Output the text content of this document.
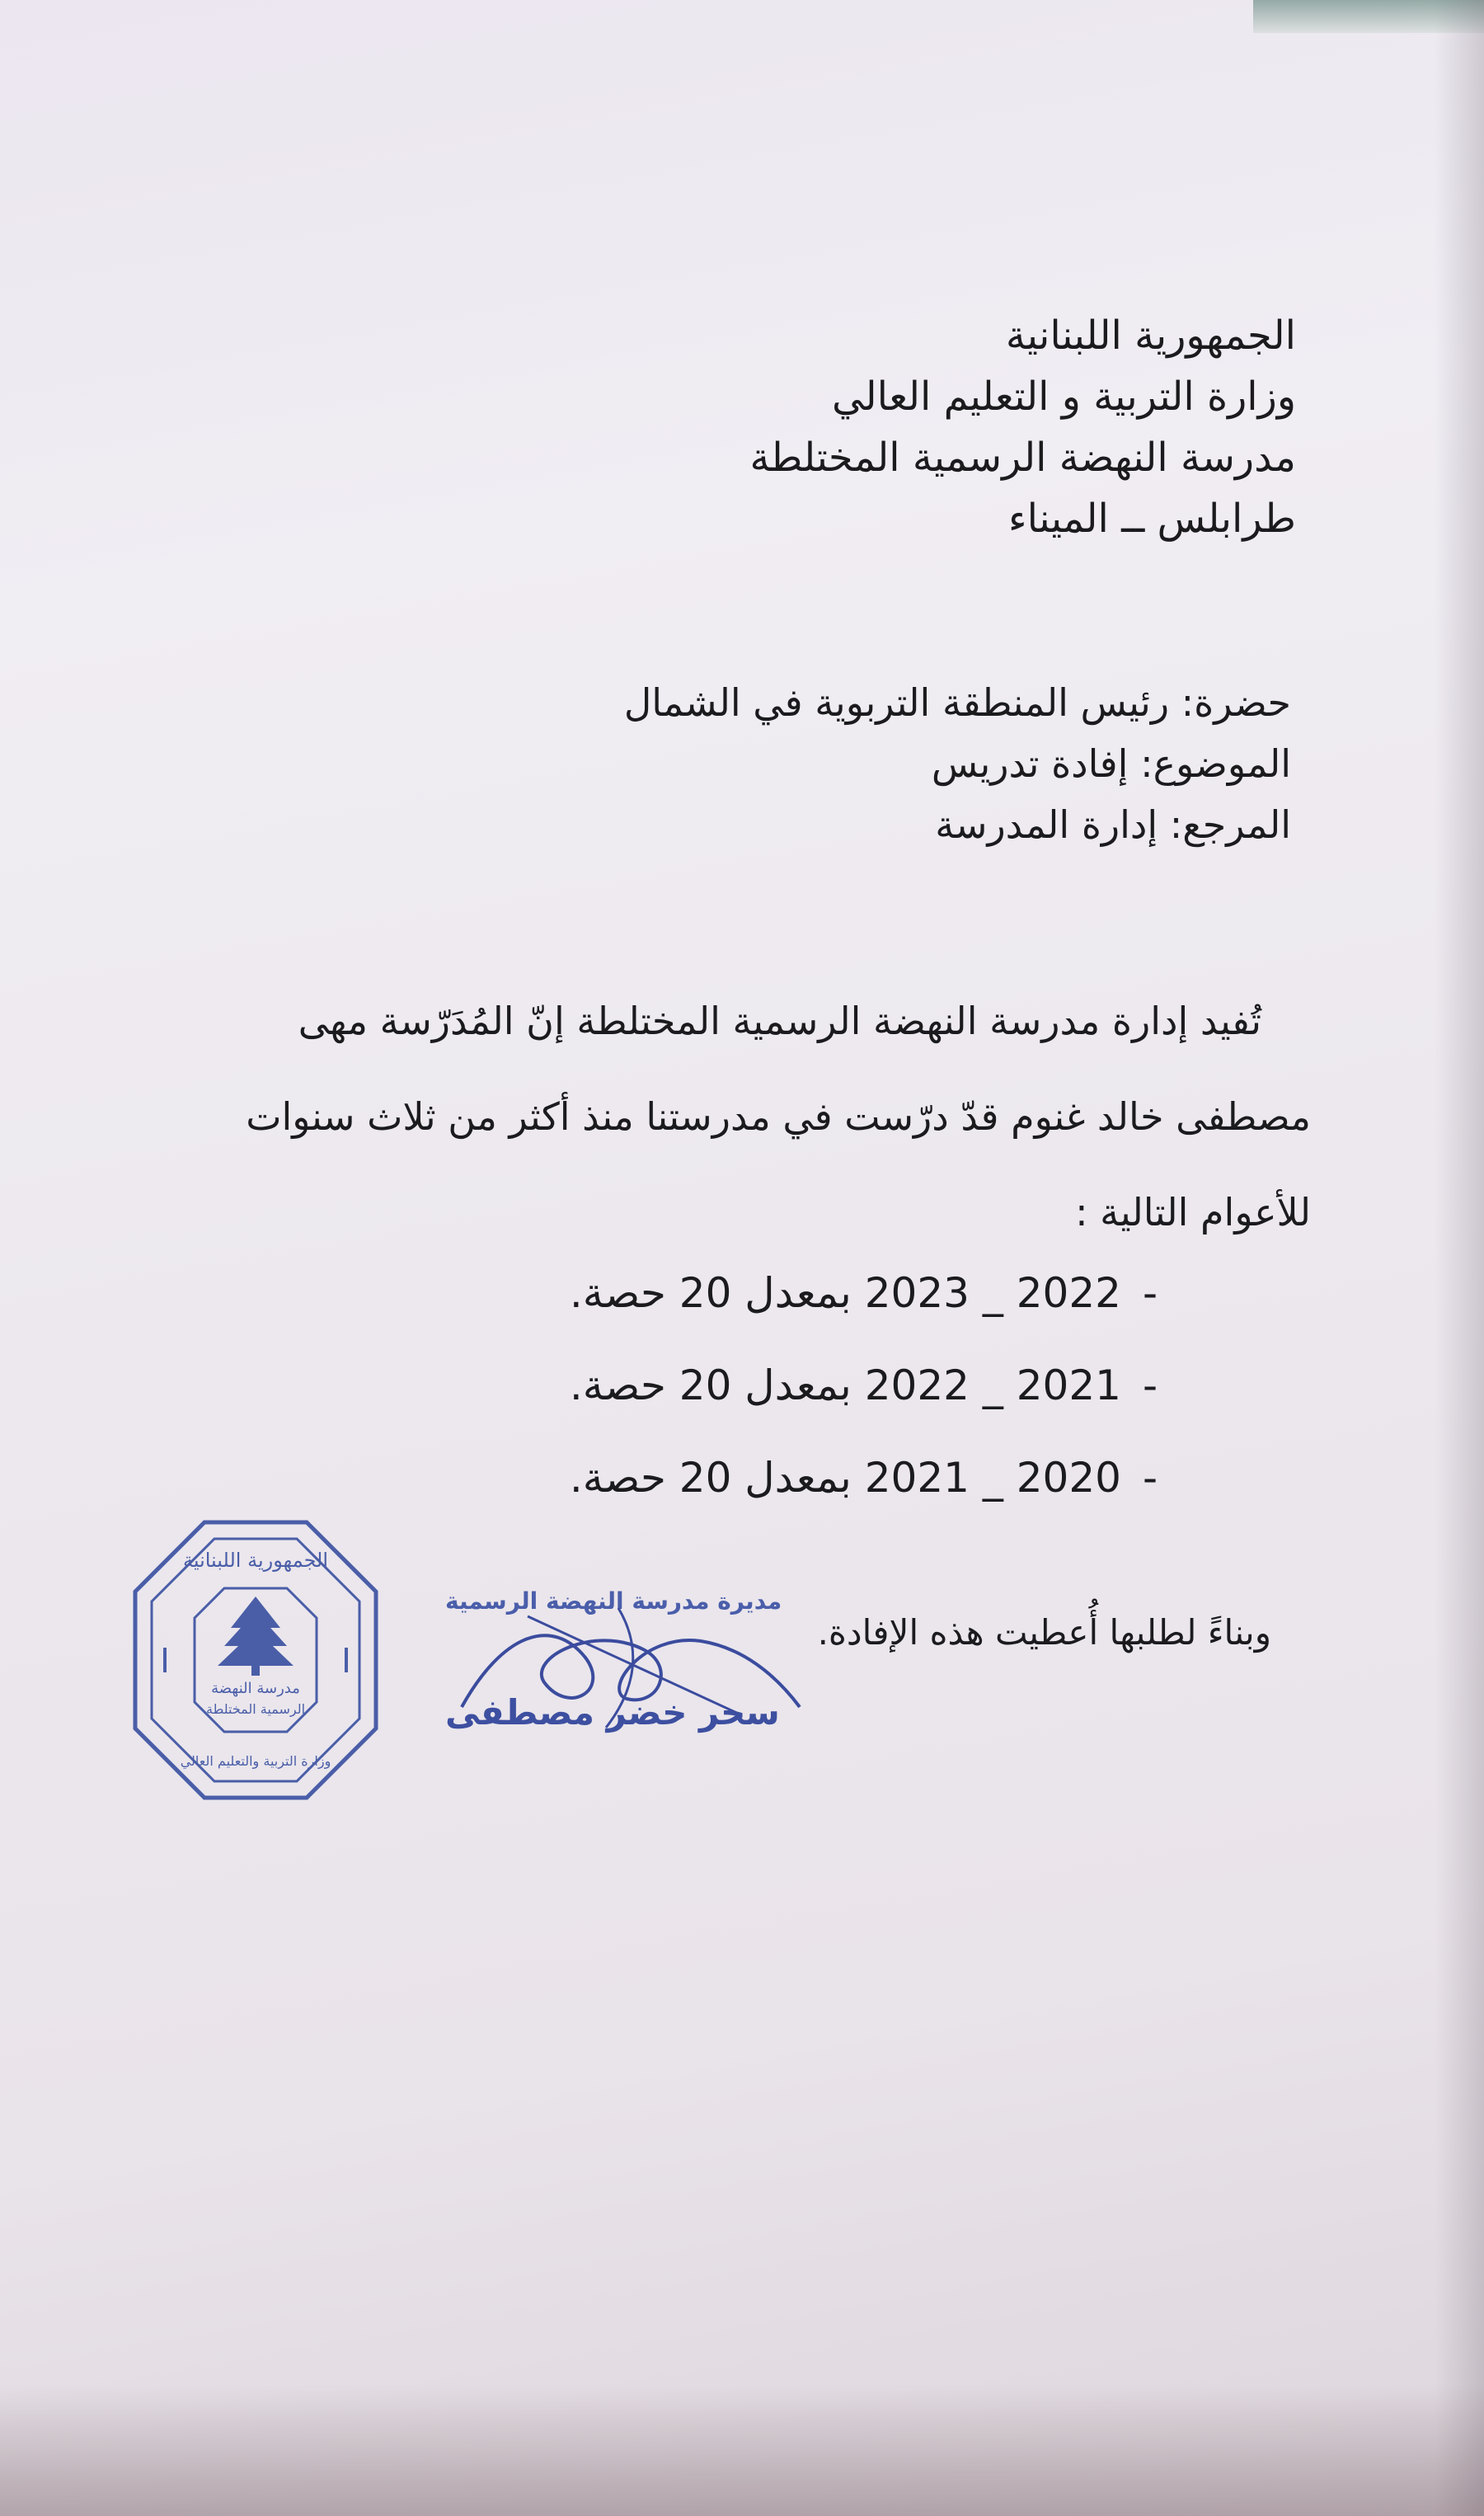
الجمهورية اللبنانية
وزارة التربية و التعليم العالي
مدرسة النهضة الرسمية المختلطة
طرابلس ــ الميناء
حضرة: رئيس المنطقة التربوية في الشمال
الموضوع: إفادة تدريس
المرجع: إدارة المدرسة
تُفيد إدارة مدرسة النهضة الرسمية المختلطة إنّ المُدَرّسة مهى
مصطفى خالد غنوم قدّ درّست في مدرستنا منذ أكثر من ثلاث سنوات
للأعوام التالية :
-2022 _ 2023 بمعدل 20 حصة.
-2021 _ 2022 بمعدل 20 حصة.
-2020 _ 2021 بمعدل 20 حصة.
وبناءً لطلبها أُعطيت هذه الإفادة.
مدرسة النهضة
الرسمية المختلطة
الجمهورية اللبنانية
وزارة التربية والتعليم العالي
مديرة مدرسة النهضة الرسمية
سحر خضر مصطفى
